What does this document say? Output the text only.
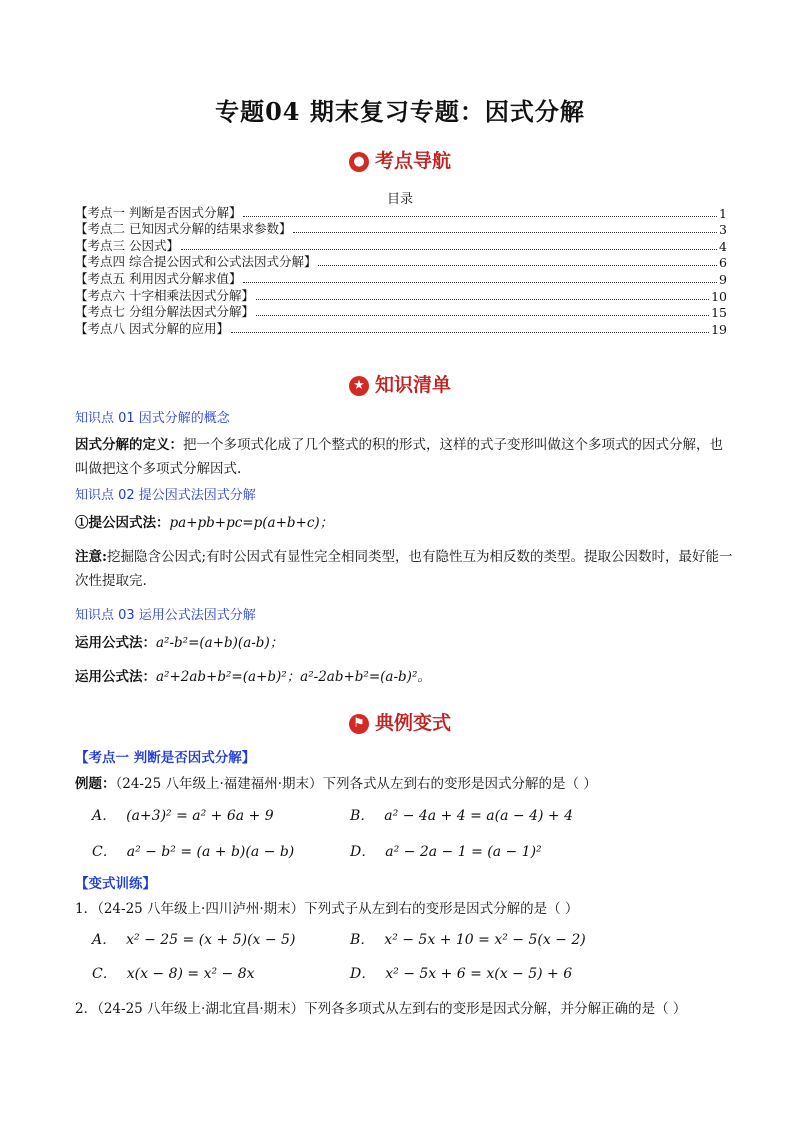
专题04 期末复习专题：因式分解
● 考点导航
目录
【考点一 判断是否因式分解】	1
【考点二 已知因式分解的结果求参数】	3
【考点三 公因式】	4
【考点四 综合提公因式和公式法因式分解】	6
【考点五 利用因式分解求值】	9
【考点六 十字相乘法因式分解】	10
【考点七 分组分解法因式分解】	15
【考点八 因式分解的应用】	19
★ 知识清单
知识点 01 因式分解的概念
因式分解的定义：把一个多项式化成了几个整式的积的形式，这样的式子变形叫做这个多项式的因式分解，也叫做把这个多项式分解因式.
知识点 02 提公因式法因式分解
①提公因式法：pa+pb+pc=p(a+b+c)；
注意:挖掘隐含公因式;有时公因式有显性完全相同类型，也有隐性互为相反数的类型。提取公因数时，最好能一次性提取完.
知识点 03 运用公式法因式分解
运用公式法：a²-b²=(a+b)(a-b)；
运用公式法：a²+2ab+b²=(a+b)²；a²-2ab+b²=(a-b)²。
⚑ 典例变式
【考点一 判断是否因式分解】
例题：（24-25 八年级上·福建福州·期末）下列各式从左到右的变形是因式分解的是（ ）
A． (a+3)² = a² + 6a + 9	B． a² − 4a + 4 = a(a − 4) + 4
C． a² − b² = (a + b)(a − b)	D． a² − 2a − 1 = (a − 1)²
【变式训练】
1．（24-25 八年级上·四川泸州·期末）下列式子从左到右的变形是因式分解的是（ ）
A． x² − 25 = (x + 5)(x − 5)	B． x² − 5x + 10 = x² − 5(x − 2)
C． x(x − 8) = x² − 8x	D． x² − 5x + 6 = x(x − 5) + 6
2．（24-25 八年级上·湖北宜昌·期末）下列各多项式从左到右的变形是因式分解，并分解正确的是（ ）
